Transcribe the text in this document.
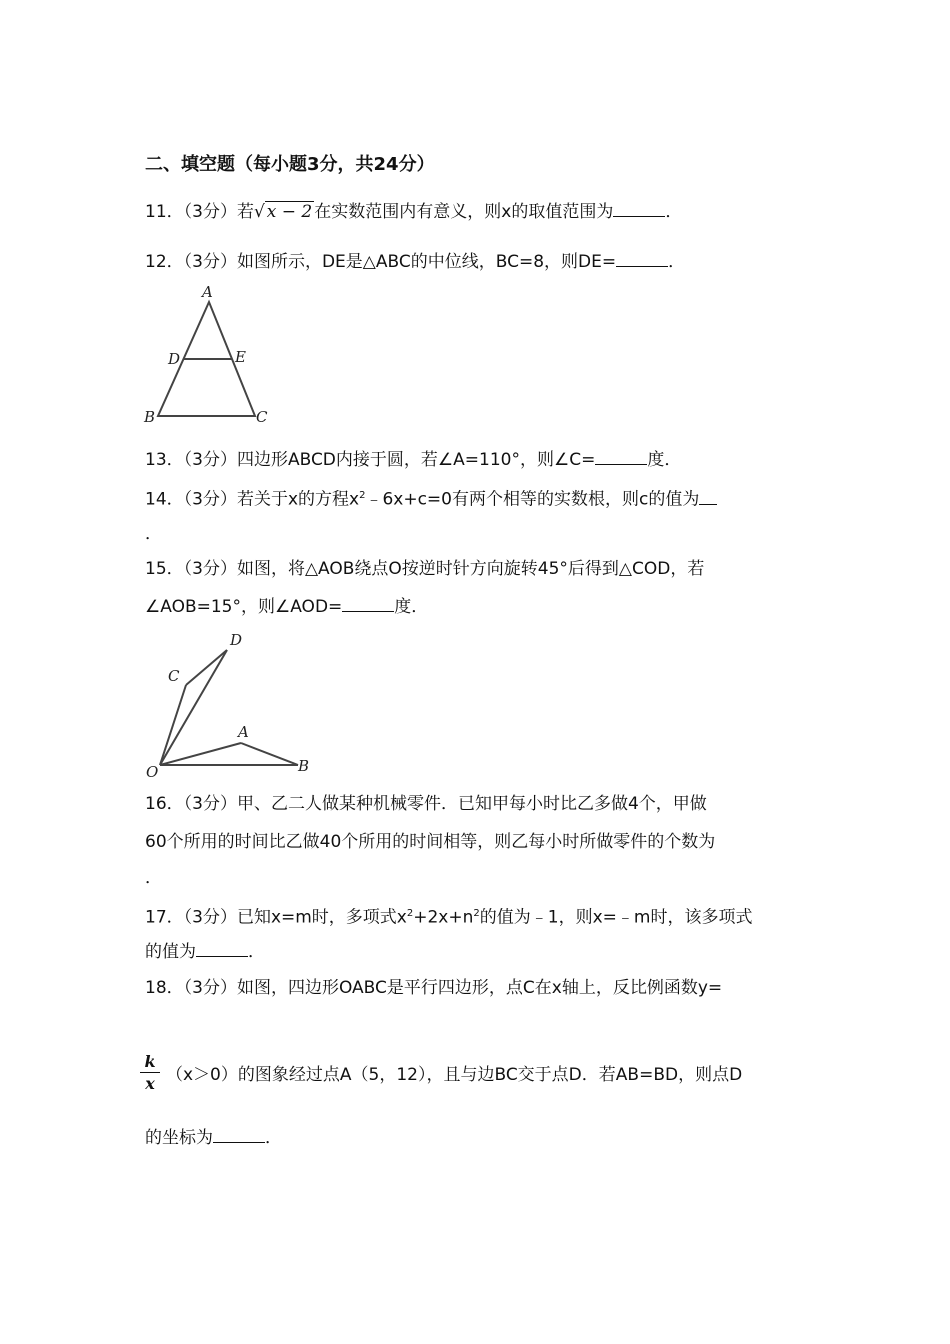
二、填空题（每小题3分，共24分）
11．（3分）若√ x − 2 在实数范围内有意义，则x的取值范围为	．
12．（3分）如图所示，DE是△ABC的中位线，BC=8，则DE=	．
A
B	C
D	E
13．（3分）四边形ABCD内接于圆，若∠A=110°，则∠C=	度．
14．（3分）若关于x的方程$x^2﹣6x+c=0$有两个相等的实数根，则c的值为
．
15．（3分）如图，将△AOB绕点O按逆时针方向旋转45°后得到△COD，若
∠AOB=15°，则∠AOD=	度．
O
A
B
C
D
16．（3分）甲、乙二人做某种机械零件．已知甲每小时比乙多做4个，甲做
60个所用的时间比乙做40个所用的时间相等，则乙每小时所做零件的个数为
．
17．（3分）已知x=m时，多项式$x^2+2x+n^2$的值为﹣1，则x=﹣m时，该多项式
的值为	．
18．（3分）如图，四边形OABC是平行四边形，点C在x轴上，反比例函数y=
$\frac{k}{x} (x>0)$的图象经过点A（5，12），且与边BC交于点D．若AB=BD，则点D
的坐标为	．
